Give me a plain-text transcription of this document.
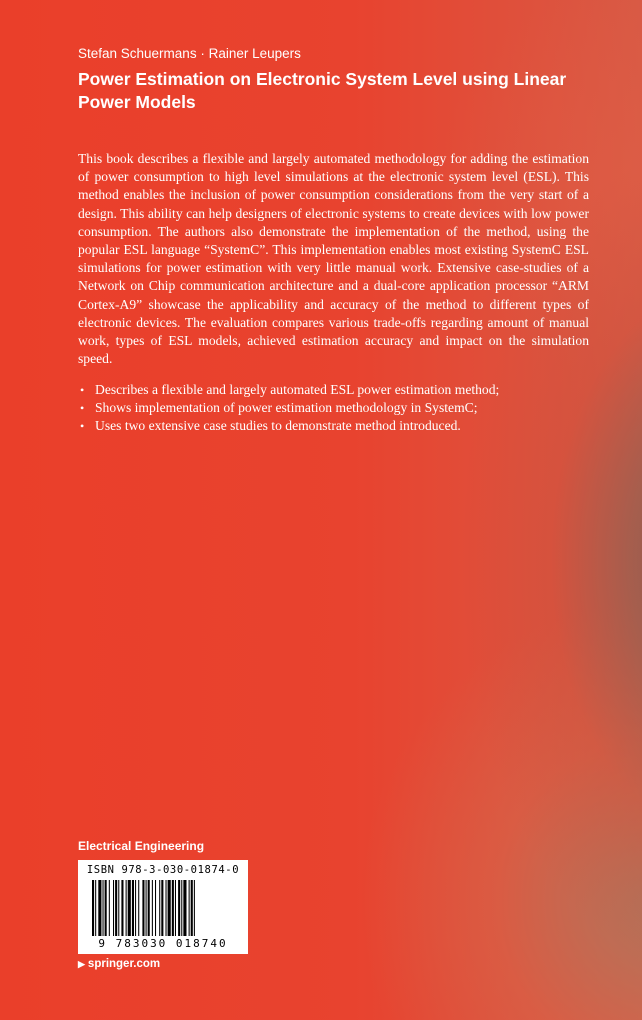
Stefan Schuermans · Rainer Leupers
Power Estimation on Electronic System Level using Linear Power Models

This book describes a flexible and largely automated methodology for adding the estimation of power consumption to high level simulations at the electronic system level (ESL). This method enables the inclusion of power consumption considerations from the very start of a design. This ability can help designers of electronic systems to create devices with low power consumption. The authors also demonstrate the implementation of the method, using the popular ESL language “SystemC”. This implementation enables most existing SystemC ESL simulations for power estimation with very little manual work. Extensive case-studies of a Network on Chip communication architecture and a dual-core application processor “ARM Cortex-A9” showcase the applicability and accuracy of the method to different types of electronic devices. The evaluation compares various trade-offs regarding amount of manual work, types of ESL models, achieved estimation accuracy and impact on the simulation speed.

• Describes a flexible and largely automated ESL power estimation method;
• Shows implementation of power estimation methodology in SystemC;
• Uses two extensive case studies to demonstrate method introduced.
Electrical Engineering
ISBN 978-3-030-01874-0
9 783030 018740
▶ springer.com
